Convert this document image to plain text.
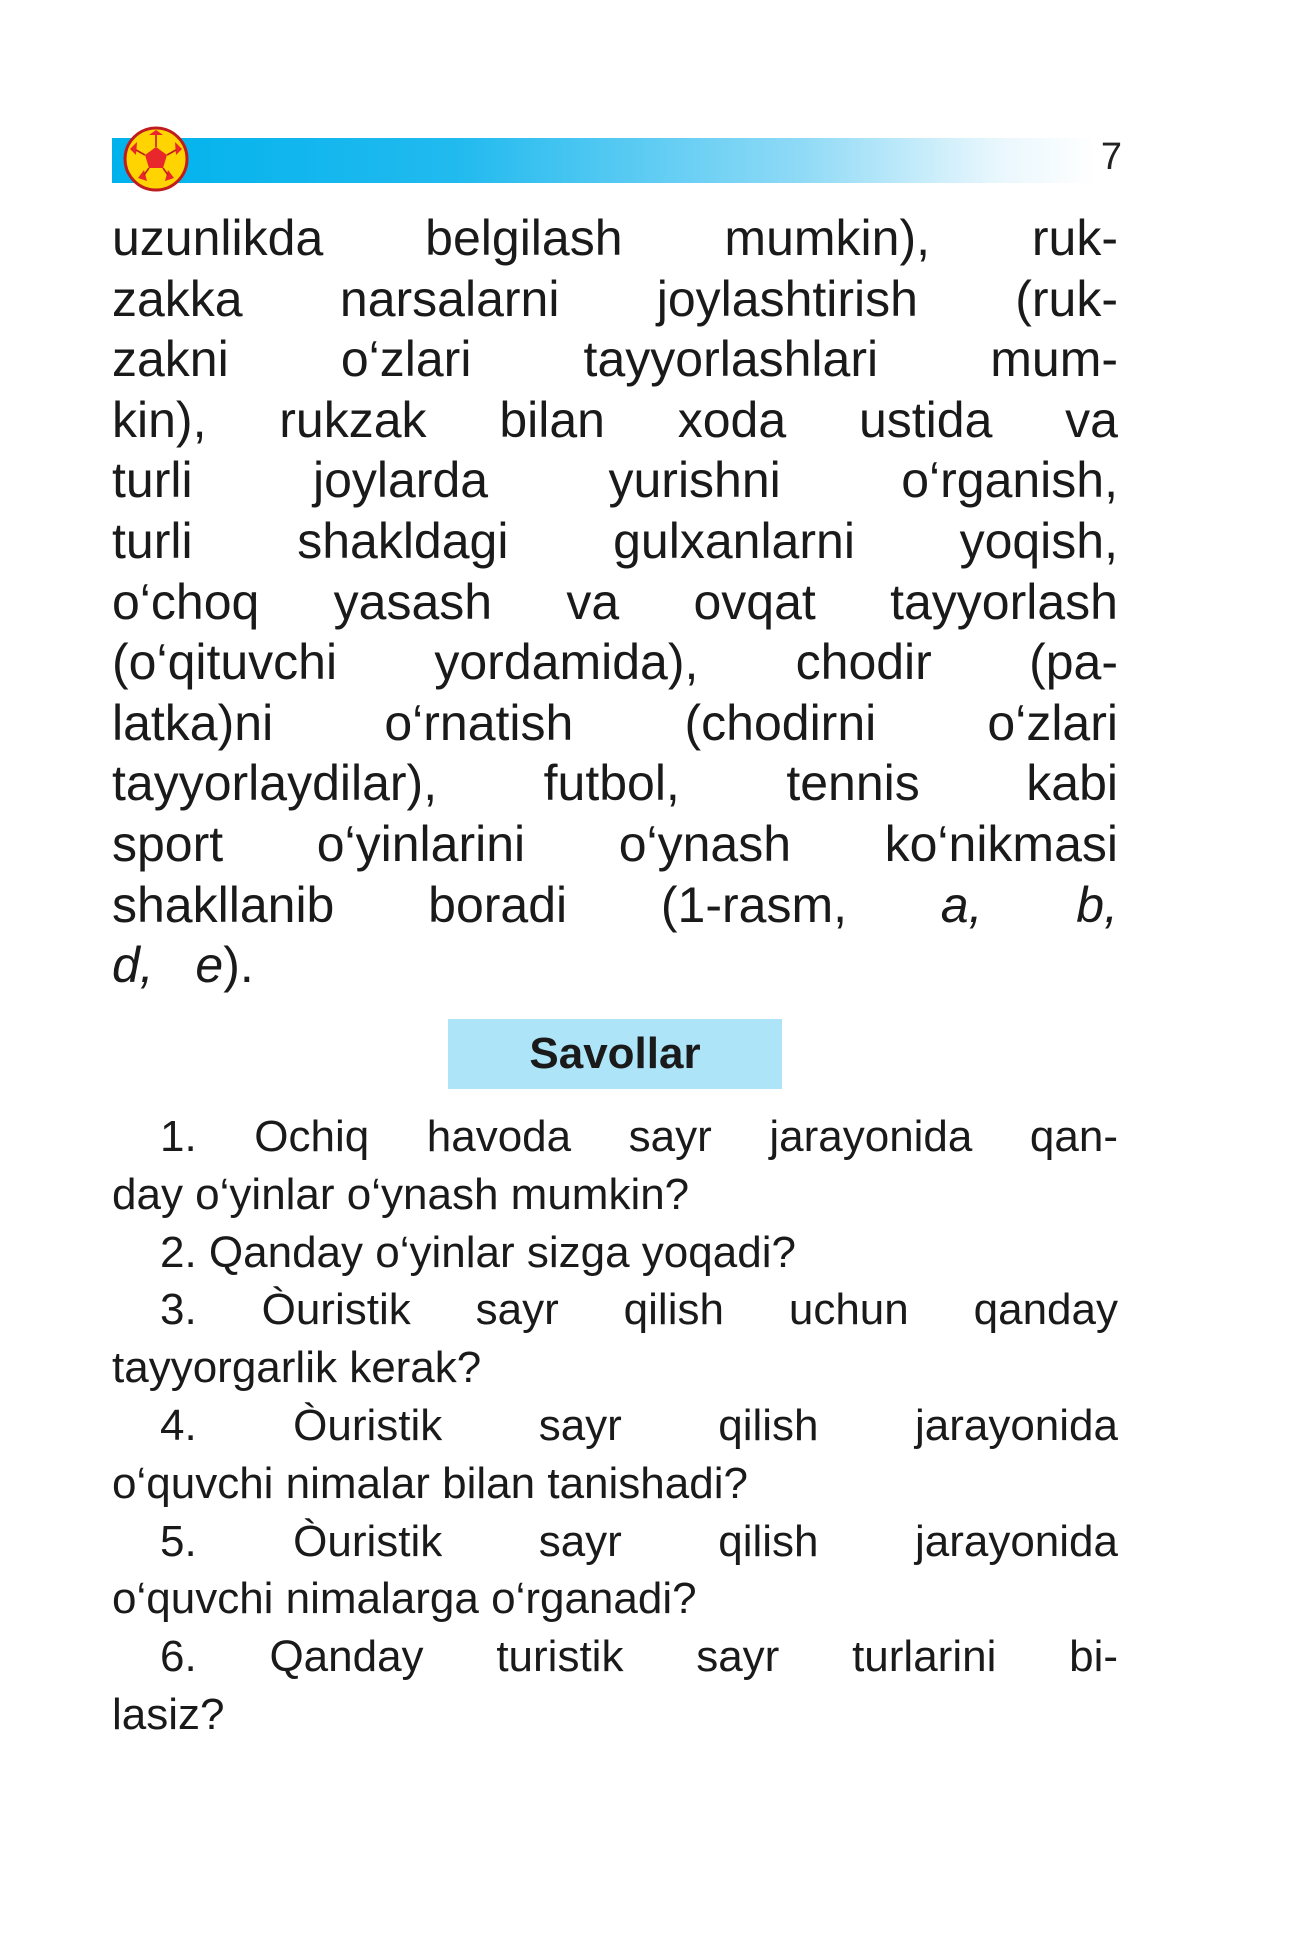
7
uzunlikda belgilash mumkin), ruk-
zakka narsalarni joylashtirish (ruk-
zakni o‘zlari tayyorlashlari mum-
kin), rukzak bilan xoda ustida va
turli joylarda yurishni o‘rganish,
turli shakldagi gulxanlarni yoqish,
o‘choq yasash va ovqat tayyorlash
(o‘qituvchi yordamida), chodir (pa-
latka)ni o‘rnatish (chodirni o‘zlari
tayyorlaydilar), futbol, tennis kabi
sport o‘yinlarini o‘ynash ko‘nikmasi
shakllanib boradi (1-rasm, a, b,
d, e).
Savollar
1. Ochiq havoda sayr jarayonida qan-
day o‘yinlar o‘ynash mumkin?
2. Qanday o‘yinlar sizga yoqadi?
3. Òuristik sayr qilish uchun qanday
tayyorgarlik kerak?
4. Òuristik sayr qilish jarayonida
o‘quvchi nimalar bilan tanishadi?
5. Òuristik sayr qilish jarayonida
o‘quvchi nimalarga o‘rganadi?
6. Qanday turistik sayr turlarini bi-
lasiz?
